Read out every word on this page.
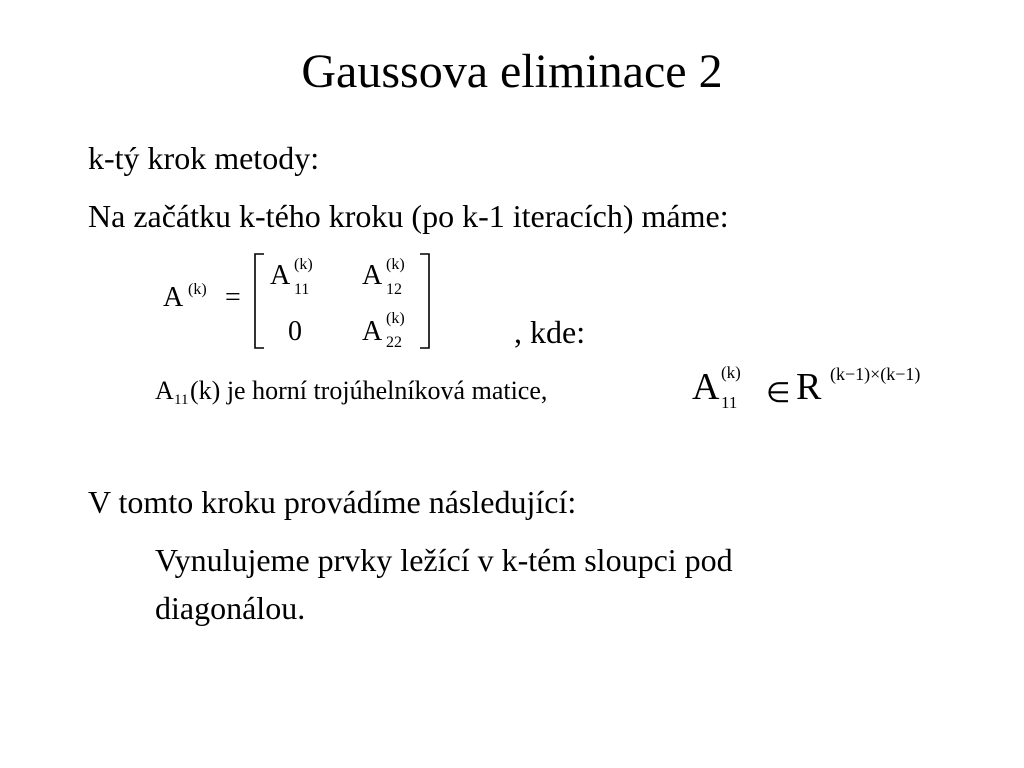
Gaussova eliminace 2
k-tý krok metody:
Na začátku k-tého kroku (po k-1 iteracích) máme:
A (k) =
A (k)
11 A (k)
12
0 A (k)
22	, kde:
A 11 (k) je horní trojúhelníková matice,	A (k)
11 ∈ R (k−1)×(k−1)
V tomto kroku provádíme následující:
Vynulujeme prvky ležící v k-tém sloupci pod
diagonálou.
